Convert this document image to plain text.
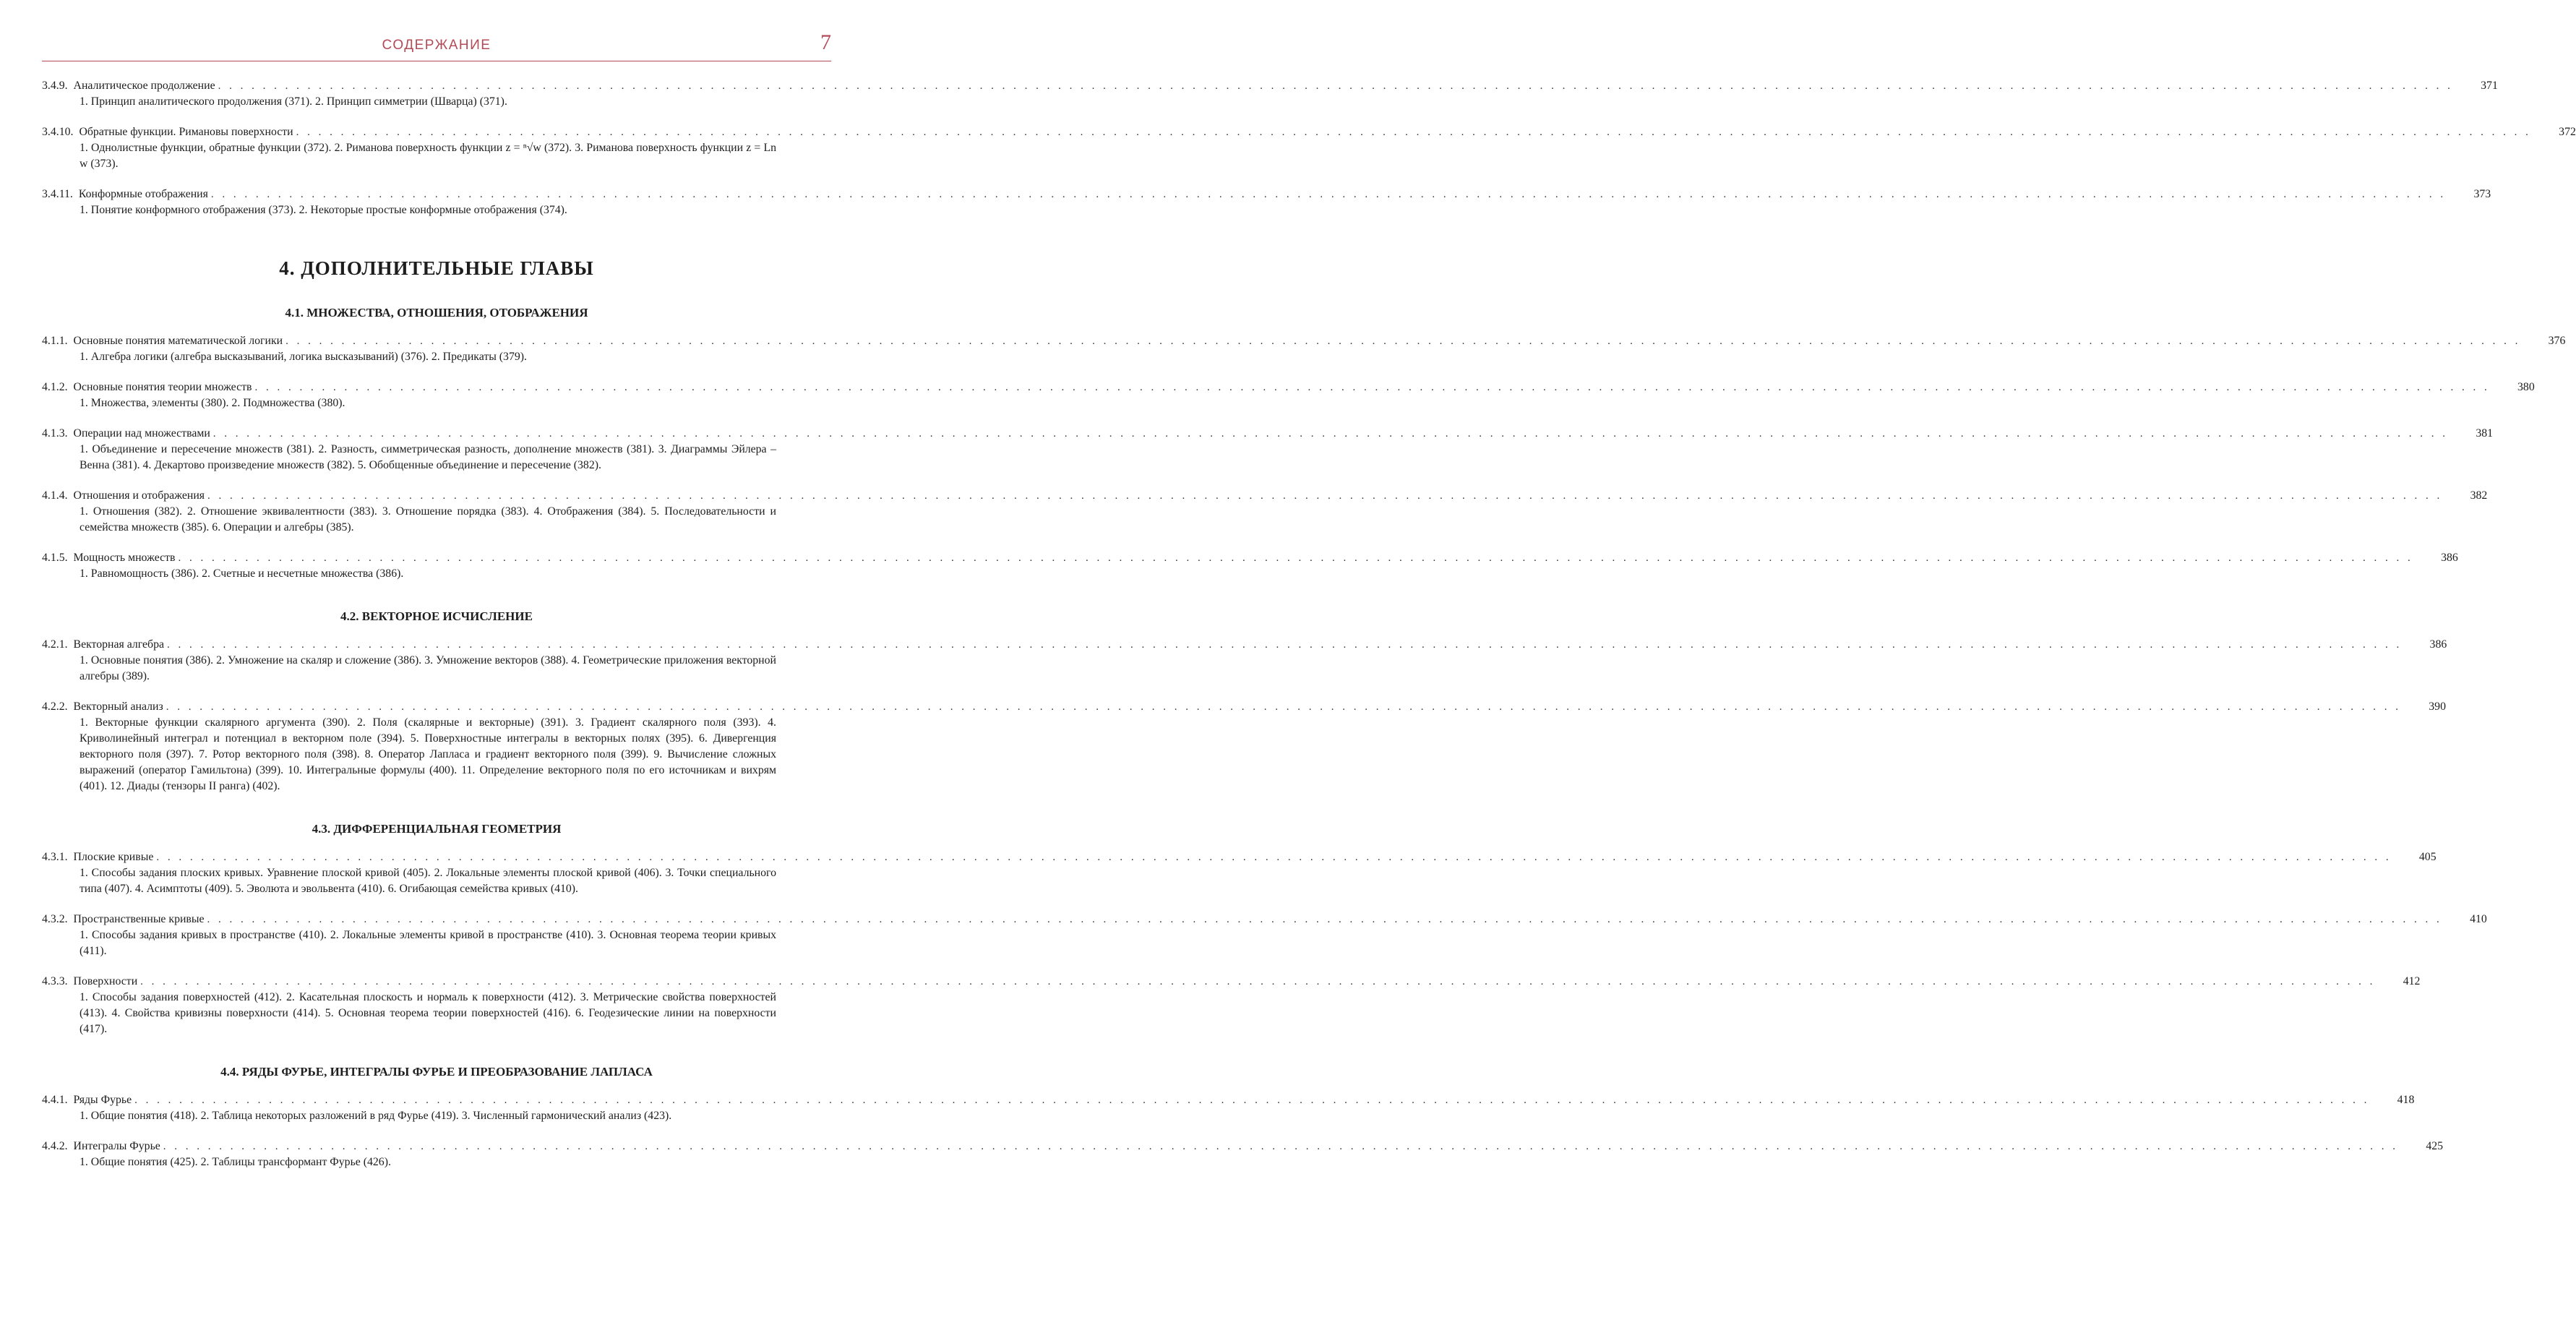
СОДЕРЖАНИЕ	7
3.4.9. Аналитическое продолжение . . . . . . . . . . . . . . . . . . . . . . . . . . . . . . . . . . . . . . . . . . . . . . . . . . . . . . . . . . . . . . . . . . . . . . . . . . . . . . . . . . . . . . . . . . . . . . . . . . . . . . . . . . . . . . . . . . . . . . . . . . . . . . . . . . . . . . . . . . . . . . . . . . . . . . . . . . . . . . . . . . . . . . . . . . . . . . . . . . . . . . . . . . . . . . . . . . . . . . . .	371
1. Принцип аналитического продолжения (371). 2. Принцип симметрии (Шварца) (371).
3.4.10. Обратные функции. Римановы поверхности . . . . . . . . . . . . . . . . . . . . . . . . . . . . . . . . . . . . . . . . . . . . . . . . . . . . . . . . . . . . . . . . . . . . . . . . . . . . . . . . . . . . . . . . . . . . . . . . . . . . . . . . . . . . . . . . . . . . . . . . . . . . . . . . . . . . . . . . . . . . . . . . . . . . . . . . . . . . . . . . . . . . . . . . . . . . . . . . . . . . . . . . . . . . . . . . . . . . . . . .	372
1. Однолистные функции, обратные функции (372). 2. Риманова поверхность функции z = ⁿ√w (372). 3. Риманова поверхность функции z = Ln w (373).
3.4.11. Конформные отображения . . . . . . . . . . . . . . . . . . . . . . . . . . . . . . . . . . . . . . . . . . . . . . . . . . . . . . . . . . . . . . . . . . . . . . . . . . . . . . . . . . . . . . . . . . . . . . . . . . . . . . . . . . . . . . . . . . . . . . . . . . . . . . . . . . . . . . . . . . . . . . . . . . . . . . . . . . . . . . . . . . . . . . . . . . . . . . . . . . . . . . . . . . . . . . . . . . . . . . . .	373
1. Понятие конформного отображения (373). 2. Некоторые простые конформные отображения (374).
4. ДОПОЛНИТЕЛЬНЫЕ ГЛАВЫ
4.1. МНОЖЕСТВА, ОТНОШЕНИЯ, ОТОБРАЖЕНИЯ
4.1.1. Основные понятия математической логики . . . . . . . . . . . . . . . . . . . . . . . . . . . . . . . . . . . . . . . . . . . . . . . . . . . . . . . . . . . . . . . . . . . . . . . . . . . . . . . . . . . . . . . . . . . . . . . . . . . . . . . . . . . . . . . . . . . . . . . . . . . . . . . . . . . . . . . . . . . . . . . . . . . . . . . . . . . . . . . . . . . . . . . . . . . . . . . . . . . . . . . . . . . . . . . . . . . . . . . .	376
1. Алгебра логики (алгебра высказываний, логика высказываний) (376). 2. Предикаты (379).
4.1.2. Основные понятия теории множеств . . . . . . . . . . . . . . . . . . . . . . . . . . . . . . . . . . . . . . . . . . . . . . . . . . . . . . . . . . . . . . . . . . . . . . . . . . . . . . . . . . . . . . . . . . . . . . . . . . . . . . . . . . . . . . . . . . . . . . . . . . . . . . . . . . . . . . . . . . . . . . . . . . . . . . . . . . . . . . . . . . . . . . . . . . . . . . . . . . . . . . . . . . . . . . . . . . . . . . . .	380
1. Множества, элементы (380). 2. Подмножества (380).
4.1.3. Операции над множествами . . . . . . . . . . . . . . . . . . . . . . . . . . . . . . . . . . . . . . . . . . . . . . . . . . . . . . . . . . . . . . . . . . . . . . . . . . . . . . . . . . . . . . . . . . . . . . . . . . . . . . . . . . . . . . . . . . . . . . . . . . . . . . . . . . . . . . . . . . . . . . . . . . . . . . . . . . . . . . . . . . . . . . . . . . . . . . . . . . . . . . . . . . . . . . . . . . . . . . . .	381
1. Объединение и пересечение множеств (381). 2. Разность, симметрическая разность, дополнение множеств (381). 3. Диаграммы Эйлера – Венна (381). 4. Декартово произведение множеств (382). 5. Обобщенные объединение и пересечение (382).
4.1.4. Отношения и отображения . . . . . . . . . . . . . . . . . . . . . . . . . . . . . . . . . . . . . . . . . . . . . . . . . . . . . . . . . . . . . . . . . . . . . . . . . . . . . . . . . . . . . . . . . . . . . . . . . . . . . . . . . . . . . . . . . . . . . . . . . . . . . . . . . . . . . . . . . . . . . . . . . . . . . . . . . . . . . . . . . . . . . . . . . . . . . . . . . . . . . . . . . . . . . . . . . . . . . . . .	382
1. Отношения (382). 2. Отношение эквивалентности (383). 3. Отношение порядка (383). 4. Отображения (384). 5. Последовательности и семейства множеств (385). 6. Операции и алгебры (385).
4.1.5. Мощность множеств . . . . . . . . . . . . . . . . . . . . . . . . . . . . . . . . . . . . . . . . . . . . . . . . . . . . . . . . . . . . . . . . . . . . . . . . . . . . . . . . . . . . . . . . . . . . . . . . . . . . . . . . . . . . . . . . . . . . . . . . . . . . . . . . . . . . . . . . . . . . . . . . . . . . . . . . . . . . . . . . . . . . . . . . . . . . . . . . . . . . . . . . . . . . . . . . . . . . . . . .	386
1. Равномощность (386). 2. Счетные и несчетные множества (386).
4.2. ВЕКТОРНОЕ ИСЧИСЛЕНИЕ
4.2.1. Векторная алгебра . . . . . . . . . . . . . . . . . . . . . . . . . . . . . . . . . . . . . . . . . . . . . . . . . . . . . . . . . . . . . . . . . . . . . . . . . . . . . . . . . . . . . . . . . . . . . . . . . . . . . . . . . . . . . . . . . . . . . . . . . . . . . . . . . . . . . . . . . . . . . . . . . . . . . . . . . . . . . . . . . . . . . . . . . . . . . . . . . . . . . . . . . . . . . . . . . . . . . . . .	386
1. Основные понятия (386). 2. Умножение на скаляр и сложение (386). 3. Умножение векторов (388). 4. Геометрические приложения векторной алгебры (389).
4.2.2. Векторный анализ . . . . . . . . . . . . . . . . . . . . . . . . . . . . . . . . . . . . . . . . . . . . . . . . . . . . . . . . . . . . . . . . . . . . . . . . . . . . . . . . . . . . . . . . . . . . . . . . . . . . . . . . . . . . . . . . . . . . . . . . . . . . . . . . . . . . . . . . . . . . . . . . . . . . . . . . . . . . . . . . . . . . . . . . . . . . . . . . . . . . . . . . . . . . . . . . . . . . . . . .	390
1. Векторные функции скалярного аргумента (390). 2. Поля (скалярные и векторные) (391). 3. Градиент скалярного поля (393). 4. Криволинейный интеграл и потенциал в векторном поле (394). 5. Поверхностные интегралы в векторных полях (395). 6. Дивергенция векторного поля (397). 7. Ротор векторного поля (398). 8. Оператор Лапласа и градиент векторного поля (399). 9. Вычисление сложных выражений (оператор Гамильтона) (399). 10. Интегральные формулы (400). 11. Определение векторного поля по его источникам и вихрям (401). 12. Диады (тензоры II ранга) (402).
4.3. ДИФФЕРЕНЦИАЛЬНАЯ ГЕОМЕТРИЯ
4.3.1. Плоские кривые . . . . . . . . . . . . . . . . . . . . . . . . . . . . . . . . . . . . . . . . . . . . . . . . . . . . . . . . . . . . . . . . . . . . . . . . . . . . . . . . . . . . . . . . . . . . . . . . . . . . . . . . . . . . . . . . . . . . . . . . . . . . . . . . . . . . . . . . . . . . . . . . . . . . . . . . . . . . . . . . . . . . . . . . . . . . . . . . . . . . . . . . . . . . . . . . . . . . . . . .	405
1. Способы задания плоских кривых. Уравнение плоской кривой (405). 2. Локальные элементы плоской кривой (406). 3. Точки специального типа (407). 4. Асимптоты (409). 5. Эволюта и эвольвента (410). 6. Огибающая семейства кривых (410).
4.3.2. Пространственные кривые . . . . . . . . . . . . . . . . . . . . . . . . . . . . . . . . . . . . . . . . . . . . . . . . . . . . . . . . . . . . . . . . . . . . . . . . . . . . . . . . . . . . . . . . . . . . . . . . . . . . . . . . . . . . . . . . . . . . . . . . . . . . . . . . . . . . . . . . . . . . . . . . . . . . . . . . . . . . . . . . . . . . . . . . . . . . . . . . . . . . . . . . . . . . . . . . . . . . . . . .	410
1. Способы задания кривых в пространстве (410). 2. Локальные элементы кривой в пространстве (410). 3. Основная теорема теории кривых (411).
4.3.3. Поверхности . . . . . . . . . . . . . . . . . . . . . . . . . . . . . . . . . . . . . . . . . . . . . . . . . . . . . . . . . . . . . . . . . . . . . . . . . . . . . . . . . . . . . . . . . . . . . . . . . . . . . . . . . . . . . . . . . . . . . . . . . . . . . . . . . . . . . . . . . . . . . . . . . . . . . . . . . . . . . . . . . . . . . . . . . . . . . . . . . . . . . . . . . . . . . . . . . . . . . . . .	412
1. Способы задания поверхностей (412). 2. Касательная плоскость и нормаль к поверхности (412). 3. Метрические свойства поверхностей (413). 4. Свойства кривизны поверхности (414). 5. Основная теорема теории поверхностей (416). 6. Геодезические линии на поверхности (417).
4.4. РЯДЫ ФУРЬЕ, ИНТЕГРАЛЫ ФУРЬЕ И ПРЕОБРАЗОВАНИЕ ЛАПЛАСА
4.4.1. Ряды Фурье . . . . . . . . . . . . . . . . . . . . . . . . . . . . . . . . . . . . . . . . . . . . . . . . . . . . . . . . . . . . . . . . . . . . . . . . . . . . . . . . . . . . . . . . . . . . . . . . . . . . . . . . . . . . . . . . . . . . . . . . . . . . . . . . . . . . . . . . . . . . . . . . . . . . . . . . . . . . . . . . . . . . . . . . . . . . . . . . . . . . . . . . . . . . . . . . . . . . . . . .	418
1. Общие понятия (418). 2. Таблица некоторых разложений в ряд Фурье (419). 3. Численный гармонический анализ (423).
4.4.2. Интегралы Фурье . . . . . . . . . . . . . . . . . . . . . . . . . . . . . . . . . . . . . . . . . . . . . . . . . . . . . . . . . . . . . . . . . . . . . . . . . . . . . . . . . . . . . . . . . . . . . . . . . . . . . . . . . . . . . . . . . . . . . . . . . . . . . . . . . . . . . . . . . . . . . . . . . . . . . . . . . . . . . . . . . . . . . . . . . . . . . . . . . . . . . . . . . . . . . . . . . . . . . . . .	425
1. Общие понятия (425). 2. Таблицы трансформант Фурье (426).
